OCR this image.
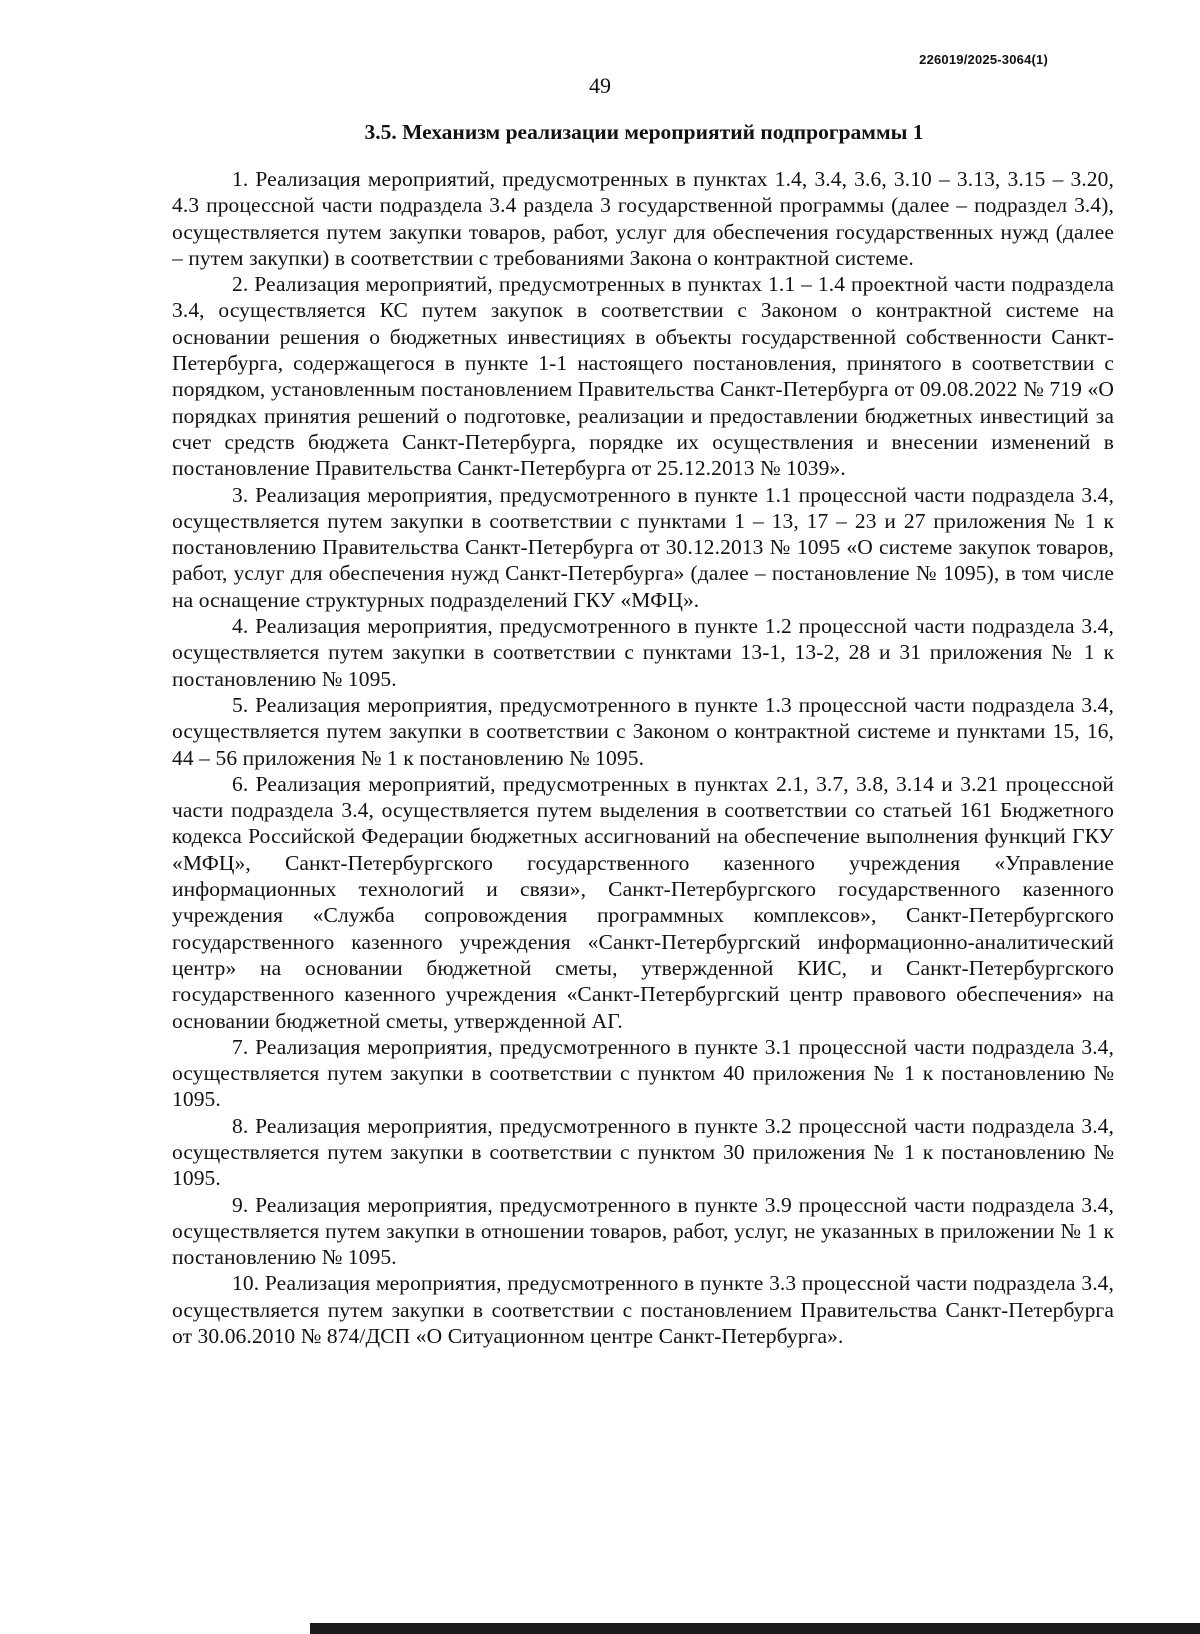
226019/2025-3064(1)
49
3.5. Механизм реализации мероприятий подпрограммы 1

1. Реализация мероприятий, предусмотренных в пунктах 1.4, 3.4, 3.6, 3.10 – 3.13, 3.15 – 3.20, 4.3 процессной части подраздела 3.4 раздела 3 государственной программы (далее – подраздел 3.4), осуществляется путем закупки товаров, работ, услуг для обеспечения государственных нужд (далее – путем закупки) в соответствии с требованиями Закона о контрактной системе.

2. Реализация мероприятий, предусмотренных в пунктах 1.1 – 1.4 проектной части подраздела 3.4, осуществляется КС путем закупок в соответствии с Законом о контрактной системе на основании решения о бюджетных инвестициях в объекты государственной собственности Санкт-Петербурга, содержащегося в пункте 1-1 настоящего постановления, принятого в соответствии с порядком, установленным постановлением Правительства Санкт-Петербурга от 09.08.2022 № 719 «О порядках принятия решений о подготовке, реализации и предоставлении бюджетных инвестиций за счет средств бюджета Санкт-Петербурга, порядке их осуществления и внесении изменений в постановление Правительства Санкт-Петербурга от 25.12.2013 № 1039».

3. Реализация мероприятия, предусмотренного в пункте 1.1 процессной части подраздела 3.4, осуществляется путем закупки в соответствии с пунктами 1 – 13, 17 – 23 и 27 приложения № 1 к постановлению Правительства Санкт-Петербурга от 30.12.2013 № 1095 «О системе закупок товаров, работ, услуг для обеспечения нужд Санкт-Петербурга» (далее – постановление № 1095), в том числе на оснащение структурных подразделений ГКУ «МФЦ».

4. Реализация мероприятия, предусмотренного в пункте 1.2 процессной части подраздела 3.4, осуществляется путем закупки в соответствии с пунктами 13-1, 13-2, 28 и 31 приложения № 1 к постановлению № 1095.

5. Реализация мероприятия, предусмотренного в пункте 1.3 процессной части подраздела 3.4, осуществляется путем закупки в соответствии с Законом о контрактной системе и пунктами 15, 16, 44 – 56 приложения № 1 к постановлению № 1095.

6. Реализация мероприятий, предусмотренных в пунктах 2.1, 3.7, 3.8, 3.14 и 3.21 процессной части подраздела 3.4, осуществляется путем выделения в соответствии со статьей 161 Бюджетного кодекса Российской Федерации бюджетных ассигнований на обеспечение выполнения функций ГКУ «МФЦ», Санкт-Петербургского государственного казенного учреждения «Управление информационных технологий и связи», Санкт-Петербургского государственного казенного учреждения «Служба сопровождения программных комплексов», Санкт-Петербургского государственного казенного учреждения «Санкт-Петербургский информационно-аналитический центр» на основании бюджетной сметы, утвержденной КИС, и Санкт-Петербургского государственного казенного учреждения «Санкт-Петербургский центр правового обеспечения» на основании бюджетной сметы, утвержденной АГ.

7. Реализация мероприятия, предусмотренного в пункте 3.1 процессной части подраздела 3.4, осуществляется путем закупки в соответствии с пунктом 40 приложения № 1 к постановлению № 1095.

8. Реализация мероприятия, предусмотренного в пункте 3.2 процессной части подраздела 3.4, осуществляется путем закупки в соответствии с пунктом 30 приложения № 1 к постановлению № 1095.

9. Реализация мероприятия, предусмотренного в пункте 3.9 процессной части подраздела 3.4, осуществляется путем закупки в отношении товаров, работ, услуг, не указанных в приложении № 1 к постановлению № 1095.

10. Реализация мероприятия, предусмотренного в пункте 3.3 процессной части подраздела 3.4, осуществляется путем закупки в соответствии с постановлением Правительства Санкт-Петербурга от 30.06.2010 № 874/ДСП «О Ситуационном центре Санкт-Петербурга».
